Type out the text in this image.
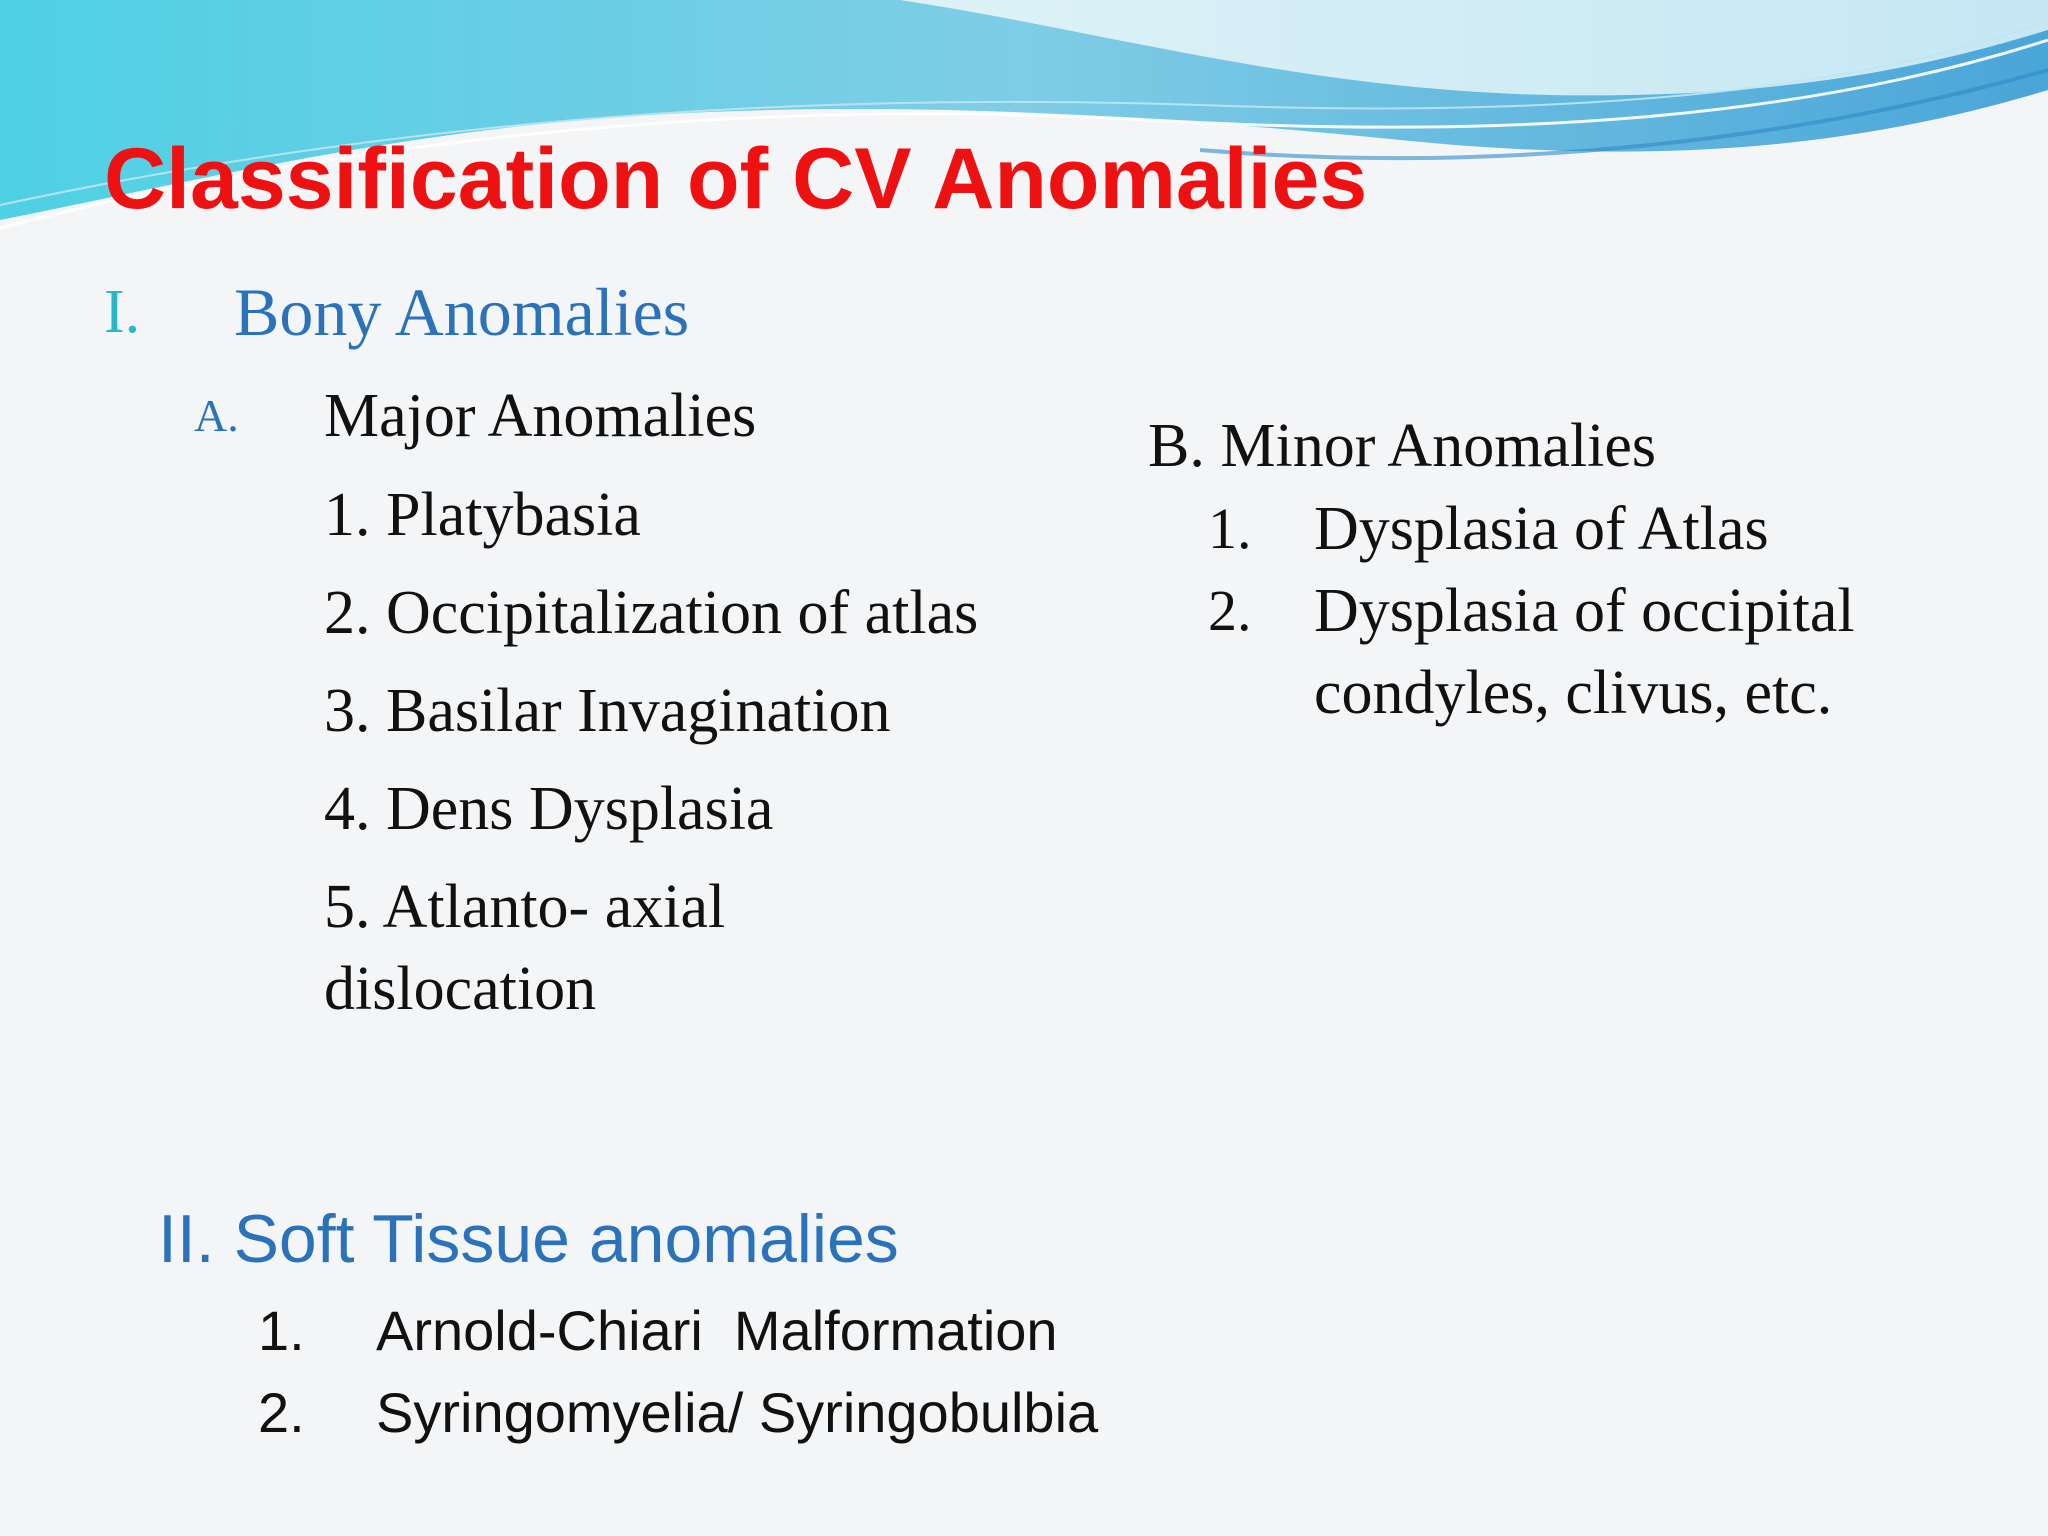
Classification of CV Anomalies
I. Bony Anomalies
A. Major Anomalies

1. Platybasia

2. Occipitalization of atlas

3. Basilar Invagination

4. Dens Dysplasia

5. Atlanto- axial dislocation

B. Minor Anomalies
1. Dysplasia of Atlas
2. Dysplasia of occipital condyles, clivus, etc.
II. Soft Tissue anomalies
1. Arnold-Chiari  Malformation
2. Syringomyelia/ Syringobulbia
